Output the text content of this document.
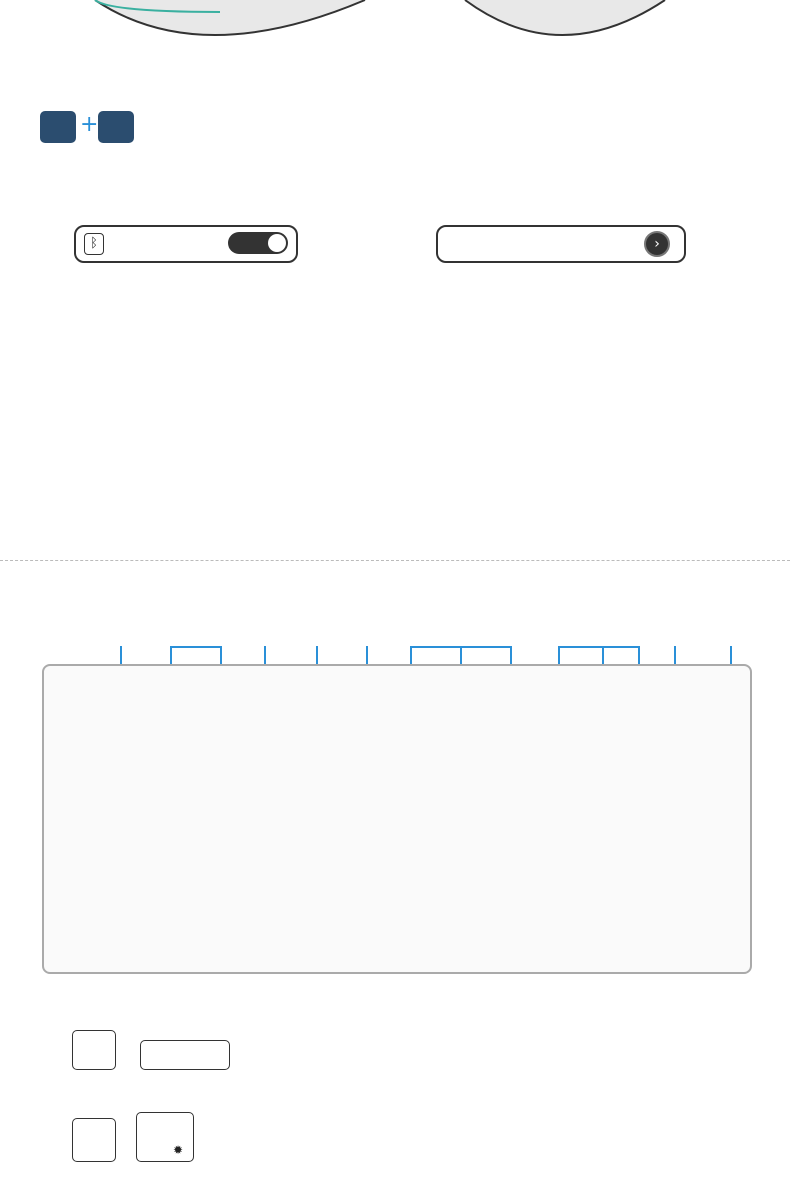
+
ᛒ	›
✹
